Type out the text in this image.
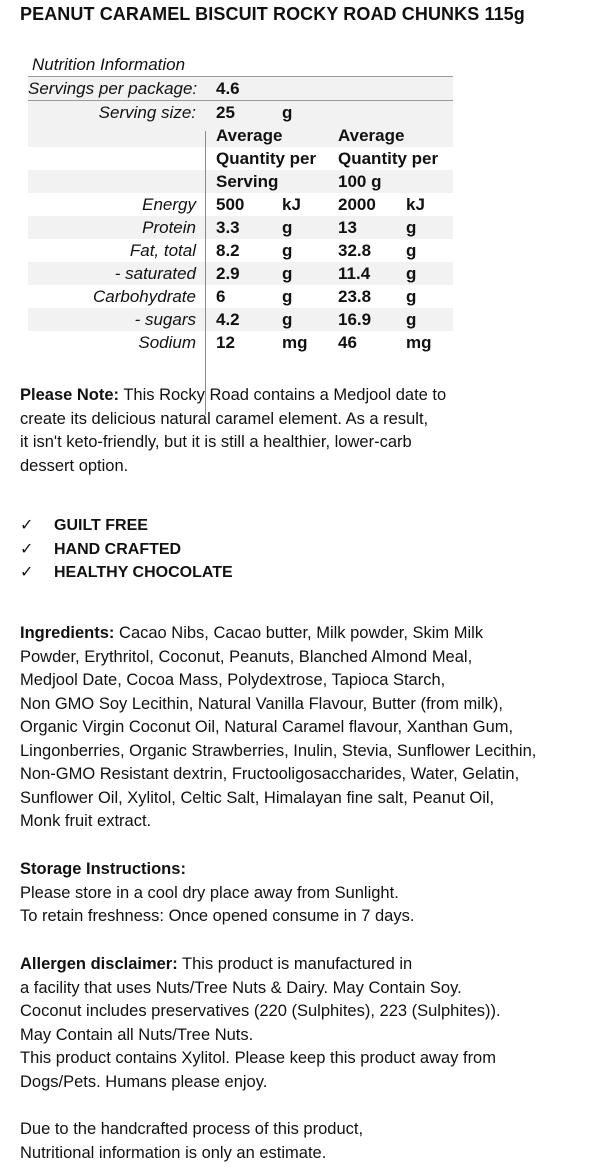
PEANUT CARAMEL BISCUIT ROCKY ROAD CHUNKS 115g
Nutrition Information
Servings per package: 4.6
Serving size: 25	g
Average	Average
Quantity per Quantity per
Serving	100 g
Energy 500 kJ 2000 kJ
Protein 3.3 g	13	g
Fat, total 8.2 g	32.8 g
- saturated 2.9 g	11.4 g
Carbohydrate 6	g	23.8 g
- sugars 4.2 g	16.9 g
Sodium 12	mg 46	mg
Please Note: This Rocky Road contains a Medjool date to
create its delicious natural caramel element. As a result,
it isn't keto-friendly, but it is still a healthier, lower-carb
dessert option.
✓ GUILT FREE
✓ HAND CRAFTED
✓ HEALTHY CHOCOLATE
Ingredients: Cacao Nibs, Cacao butter, Milk powder, Skim Milk
Powder, Erythritol, Coconut, Peanuts, Blanched Almond Meal,
Medjool Date, Cocoa Mass, Polydextrose, Tapioca Starch,
Non GMO Soy Lecithin, Natural Vanilla Flavour, Butter (from milk),
Organic Virgin Coconut Oil, Natural Caramel flavour, Xanthan Gum,
Lingonberries, Organic Strawberries, Inulin, Stevia, Sunflower Lecithin,
Non-GMO Resistant dextrin, Fructooligosaccharides, Water, Gelatin,
Sunflower Oil, Xylitol, Celtic Salt, Himalayan fine salt, Peanut Oil,
Monk fruit extract.
Storage Instructions:
Please store in a cool dry place away from Sunlight.
To retain freshness: Once opened consume in 7 days.
Allergen disclaimer: This product is manufactured in
a facility that uses Nuts/Tree Nuts & Dairy. May Contain Soy.
Coconut includes preservatives (220 (Sulphites), 223 (Sulphites)).
May Contain all Nuts/Tree Nuts.
This product contains Xylitol. Please keep this product away from
Dogs/Pets. Humans please enjoy.
Due to the handcrafted process of this product,
Nutritional information is only an estimate.
